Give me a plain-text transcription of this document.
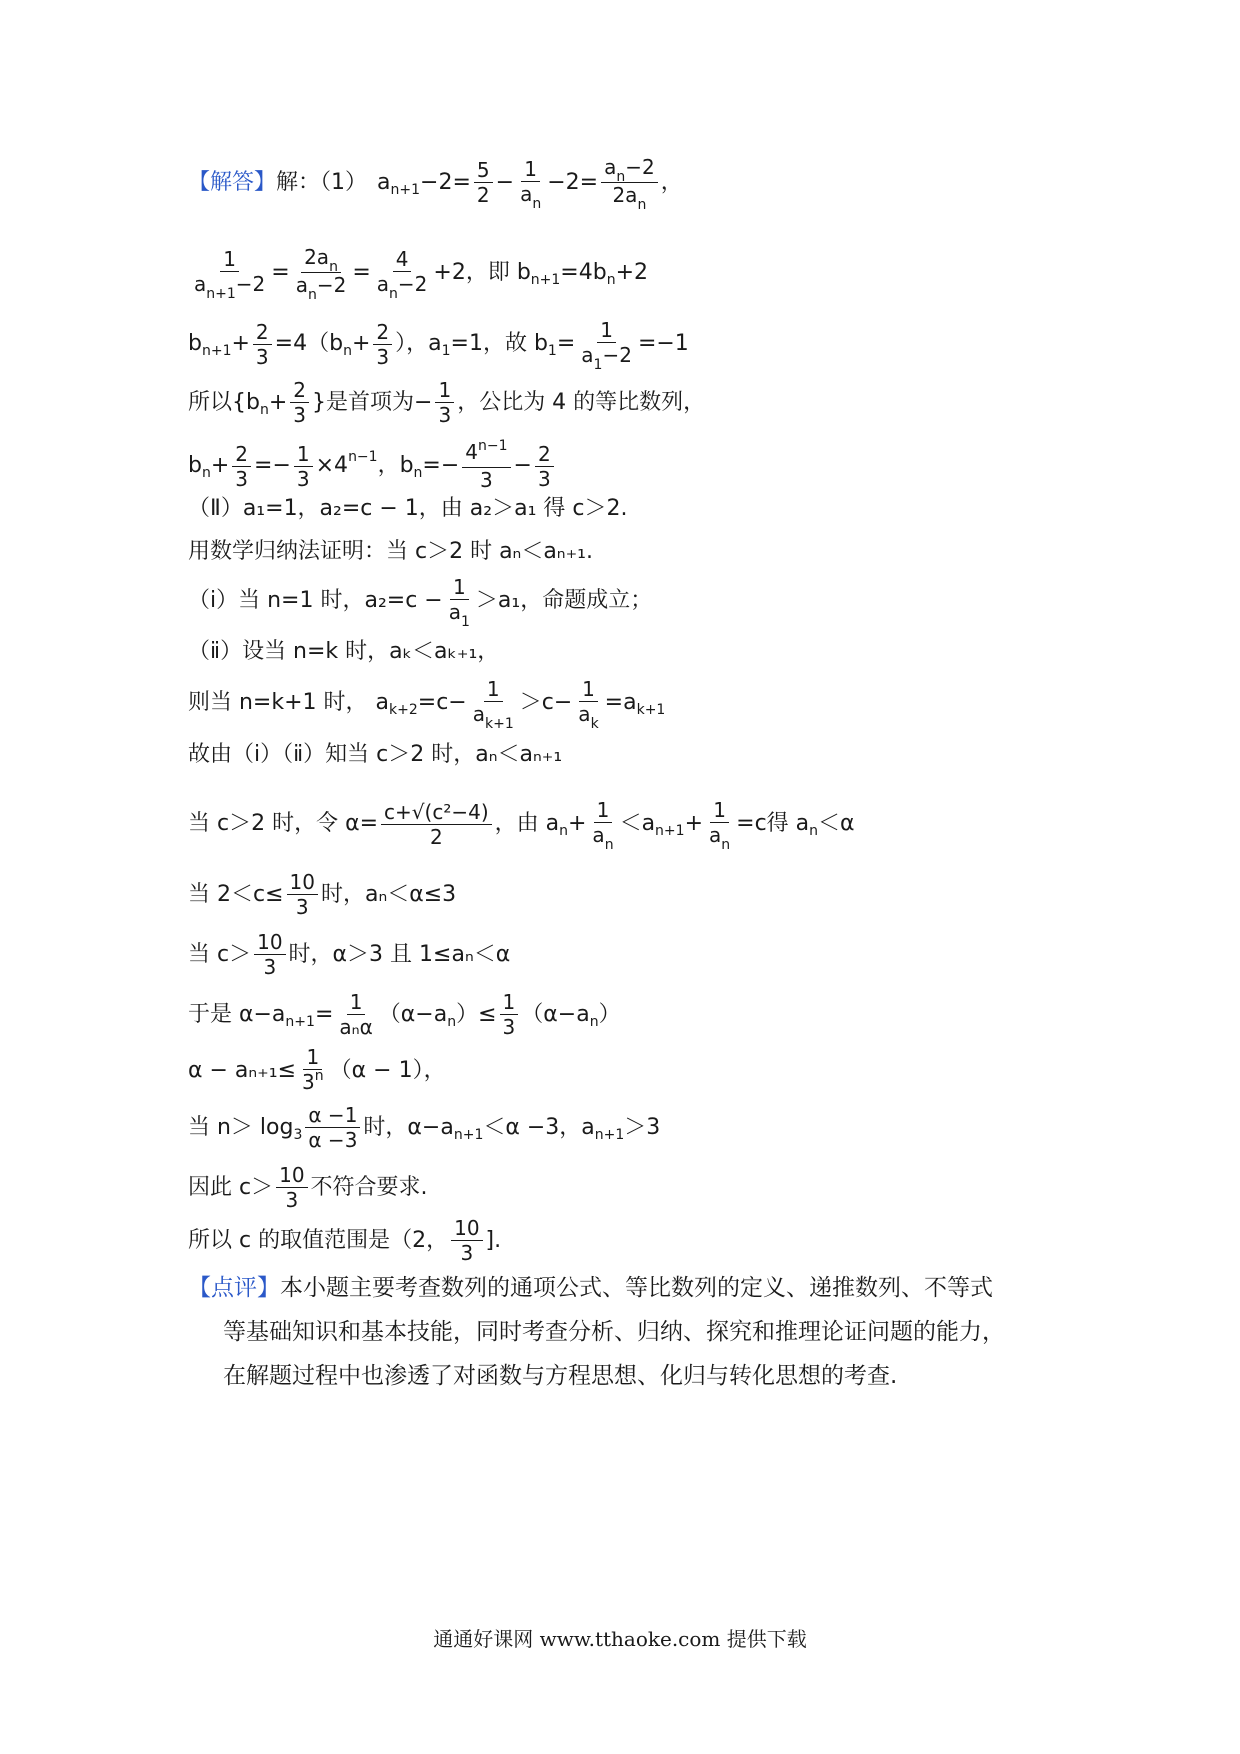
【解答】 解：（1） a $n+1 -2= \frac{5}{2} - \frac{1}{a_n} -2= \frac{a_n-2}{2a_n}$ ，
$\frac{1}{a_{n+1}-2} = \frac{2a_n}{a_n-2} = \frac{4}{a_n-2} +2$，即 b n+1 =4b n +2
b $n+1 + \frac{2}{3} =4(b$ $n + \frac{2}{3}$ ），a 1 =1，故 b $1 = \frac{1}{a_1-2} =-1$
所以{b $n + \frac{2}{3}$ }是首项为− $\frac{1}{3}$ ，公比为 4 的等比数列，
b $n + \frac{2}{3} =- \frac{1}{3} \times 4$ n−1 ，b $n =- \frac{4^{n-1}}{3} - \frac{2}{3}$
（Ⅱ）a₁=1，a₂=c − 1，由 a₂＞a₁ 得 c＞2.
用数学归纳法证明：当 c＞2 时 aₙ＜aₙ₊₁.
（ⅰ）当 n=1 时，$a_2=c - \frac{1}{a_1} >a_1$，命题成立；
（ⅱ）设当 n=k 时，aₖ＜aₖ₊₁，
则当 n=k+1 时， a $k+2 =c- \frac{1}{a_{k+1}} >c- \frac{1}{a_k} =a$ k+1
故由（ⅰ）（ⅱ）知当 c＞2 时，aₙ＜aₙ₊₁
当 c＞2 时，令 $\alpha= \frac{\text{c+√(c²−4)}}{2}$ ，由 a $n + \frac{1}{a_n} <a$ $n+1 + \frac{1}{a_n} =c$得 a n ＜α
当 $2<c\le \frac{10}{3}$ 时，aₙ＜α≤3
当 $c> \frac{10}{3}$ 时，α＞3 且 1≤aₙ＜α
于是 α−a $n+1 = \frac{1}{\text{aₙα}} (\alpha-a$ n ）≤ $\frac{1}{3} (\alpha-a$ n ）
$\alpha - a_{n+1}\le \frac{1}{3^n} (\alpha - 1)$，
当 $n> \log 3 \frac{\alpha -1}{\alpha -3}$ 时，α−a n+1 ＜α −3，a n+1 ＞3
因此 $c> \frac{10}{3}$ 不符合要求.
所以 c 的取值范围是（2， $\frac{10}{3}$ ].
【点评】本小题主要考查数列的通项公式、等比数列的定义、递推数列、不等式
等基础知识和基本技能，同时考查分析、归纳、探究和推理论证问题的能力，
在解题过程中也渗透了对函数与方程思想、化归与转化思想的考查.
通通好课网 www.tthaoke.com 提供下载
